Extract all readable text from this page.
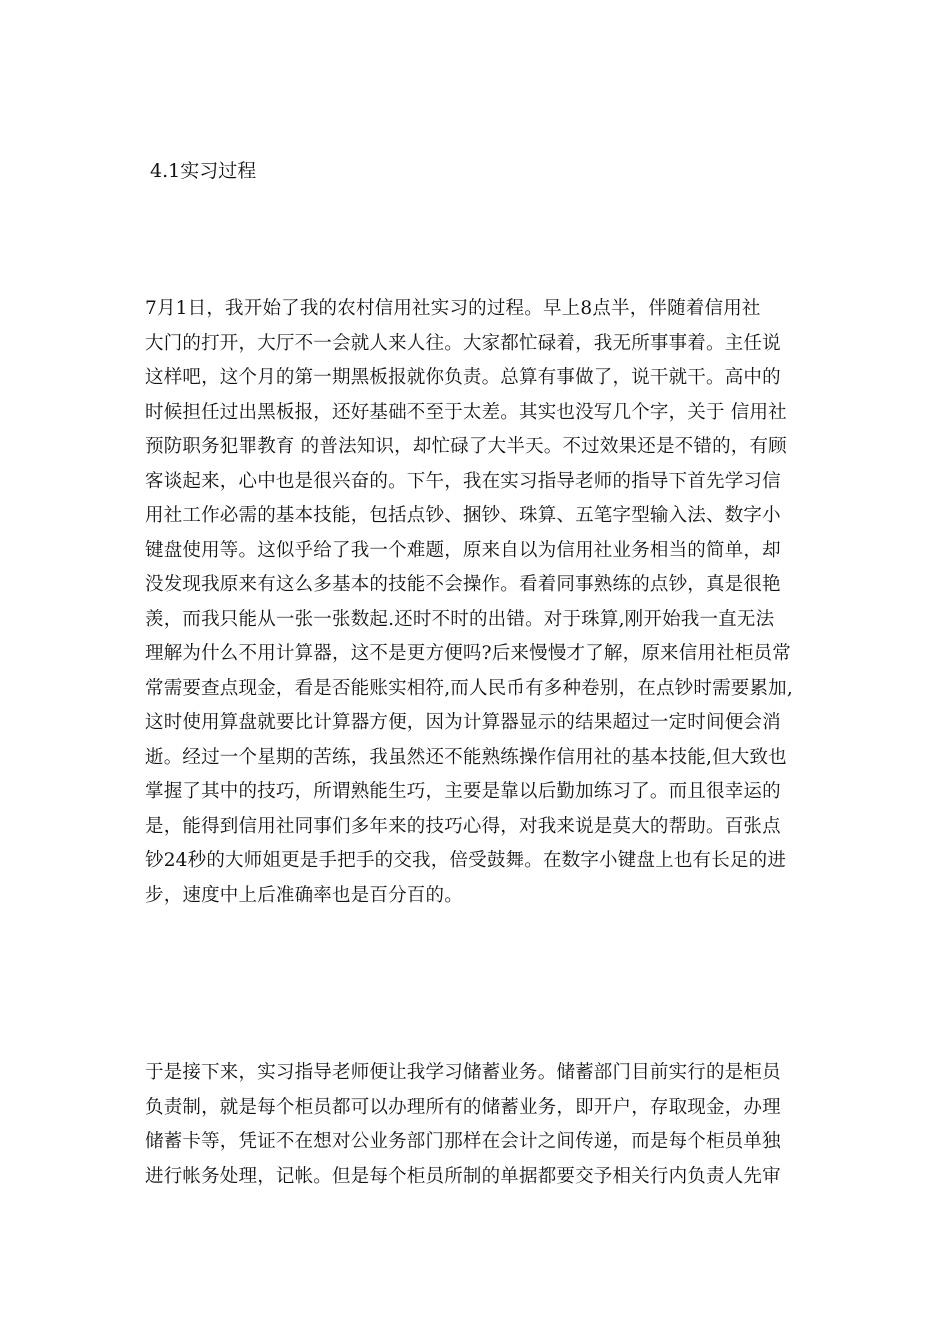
4.1实习过程
7月1日，我开始了我的农村信用社实习的过程。早上8点半，伴随着信用社
大门的打开，大厅不一会就人来人往。大家都忙碌着，我无所事事着。主任说
这样吧，这个月的第一期黑板报就你负责。总算有事做了，说干就干。高中的
时候担任过出黑板报，还好基础不至于太差。其实也没写几个字，关于 信用社
预防职务犯罪教育 的普法知识，却忙碌了大半天。不过效果还是不错的，有顾
客谈起来，心中也是很兴奋的。下午，我在实习指导老师的指导下首先学习信
用社工作必需的基本技能，包括点钞、捆钞、珠算、五笔字型输入法、数字小
键盘使用等。这似乎给了我一个难题，原来自以为信用社业务相当的简单，却
没发现我原来有这么多基本的技能不会操作。看着同事熟练的点钞，真是很艳
羡，而我只能从一张一张数起.还时不时的出错。对于珠算,刚开始我一直无法
理解为什么不用计算器，这不是更方便吗?后来慢慢才了解，原来信用社柜员常
常需要查点现金，看是否能账实相符,而人民币有多种卷别，在点钞时需要累加,
这时使用算盘就要比计算器方便，因为计算器显示的结果超过一定时间便会消
逝。经过一个星期的苦练，我虽然还不能熟练操作信用社的基本技能,但大致也
掌握了其中的技巧，所谓熟能生巧，主要是靠以后勤加练习了。而且很幸运的
是，能得到信用社同事们多年来的技巧心得，对我来说是莫大的帮助。百张点
钞24秒的大师姐更是手把手的交我，倍受鼓舞。在数字小键盘上也有长足的进
步，速度中上后准确率也是百分百的。
于是接下来，实习指导老师便让我学习储蓄业务。储蓄部门目前实行的是柜员
负责制，就是每个柜员都可以办理所有的储蓄业务，即开户，存取现金，办理
储蓄卡等，凭证不在想对公业务部门那样在会计之间传递，而是每个柜员单独
进行帐务处理，记帐。但是每个柜员所制的单据都要交予相关行内负责人先审
